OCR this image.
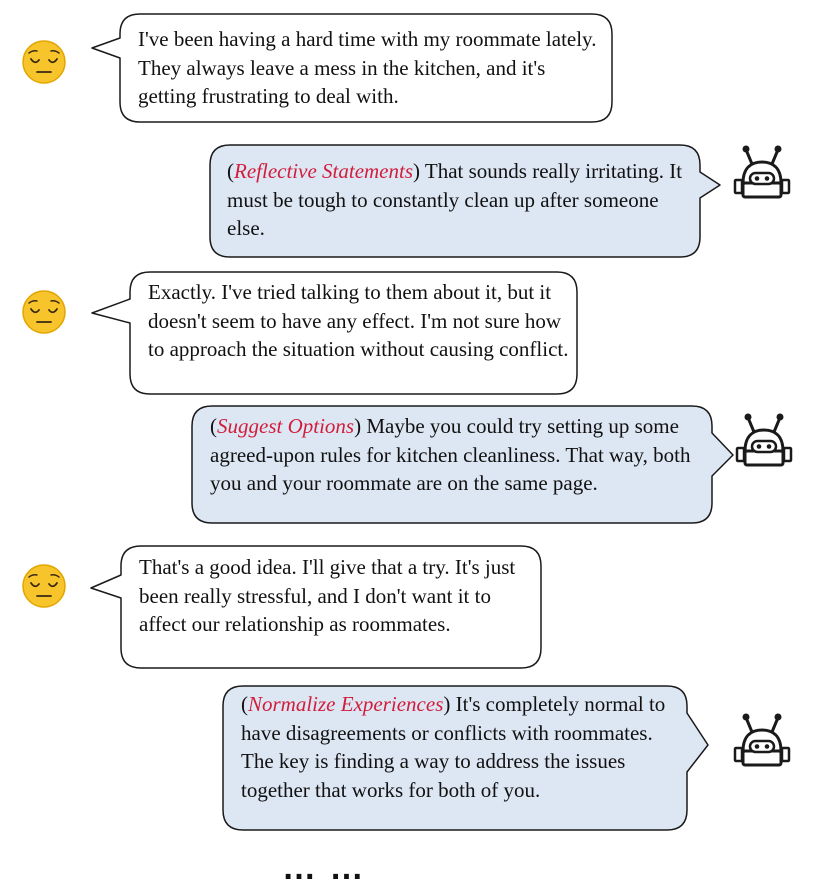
I've been having a hard time with my roommate lately. They always leave a mess in the kitchen, and it's getting frustrating to deal with.

(Reflective Statements) That sounds really irritating. It must be tough to constantly clean up after someone else.

Exactly. I've tried talking to them about it, but it doesn't seem to have any effect. I'm not sure how to approach the situation without causing conflict.

(Suggest Options) Maybe you could try setting up some agreed-upon rules for kitchen cleanliness. That way, both you and your roommate are on the same page.

That's a good idea. I'll give that a try. It's just been really stressful, and I don't want it to affect our relationship as roommates.

(Normalize Experiences) It's completely normal to have disagreements or conflicts with roommates. The key is finding a way to address the issues together that works for both of you.

… …
